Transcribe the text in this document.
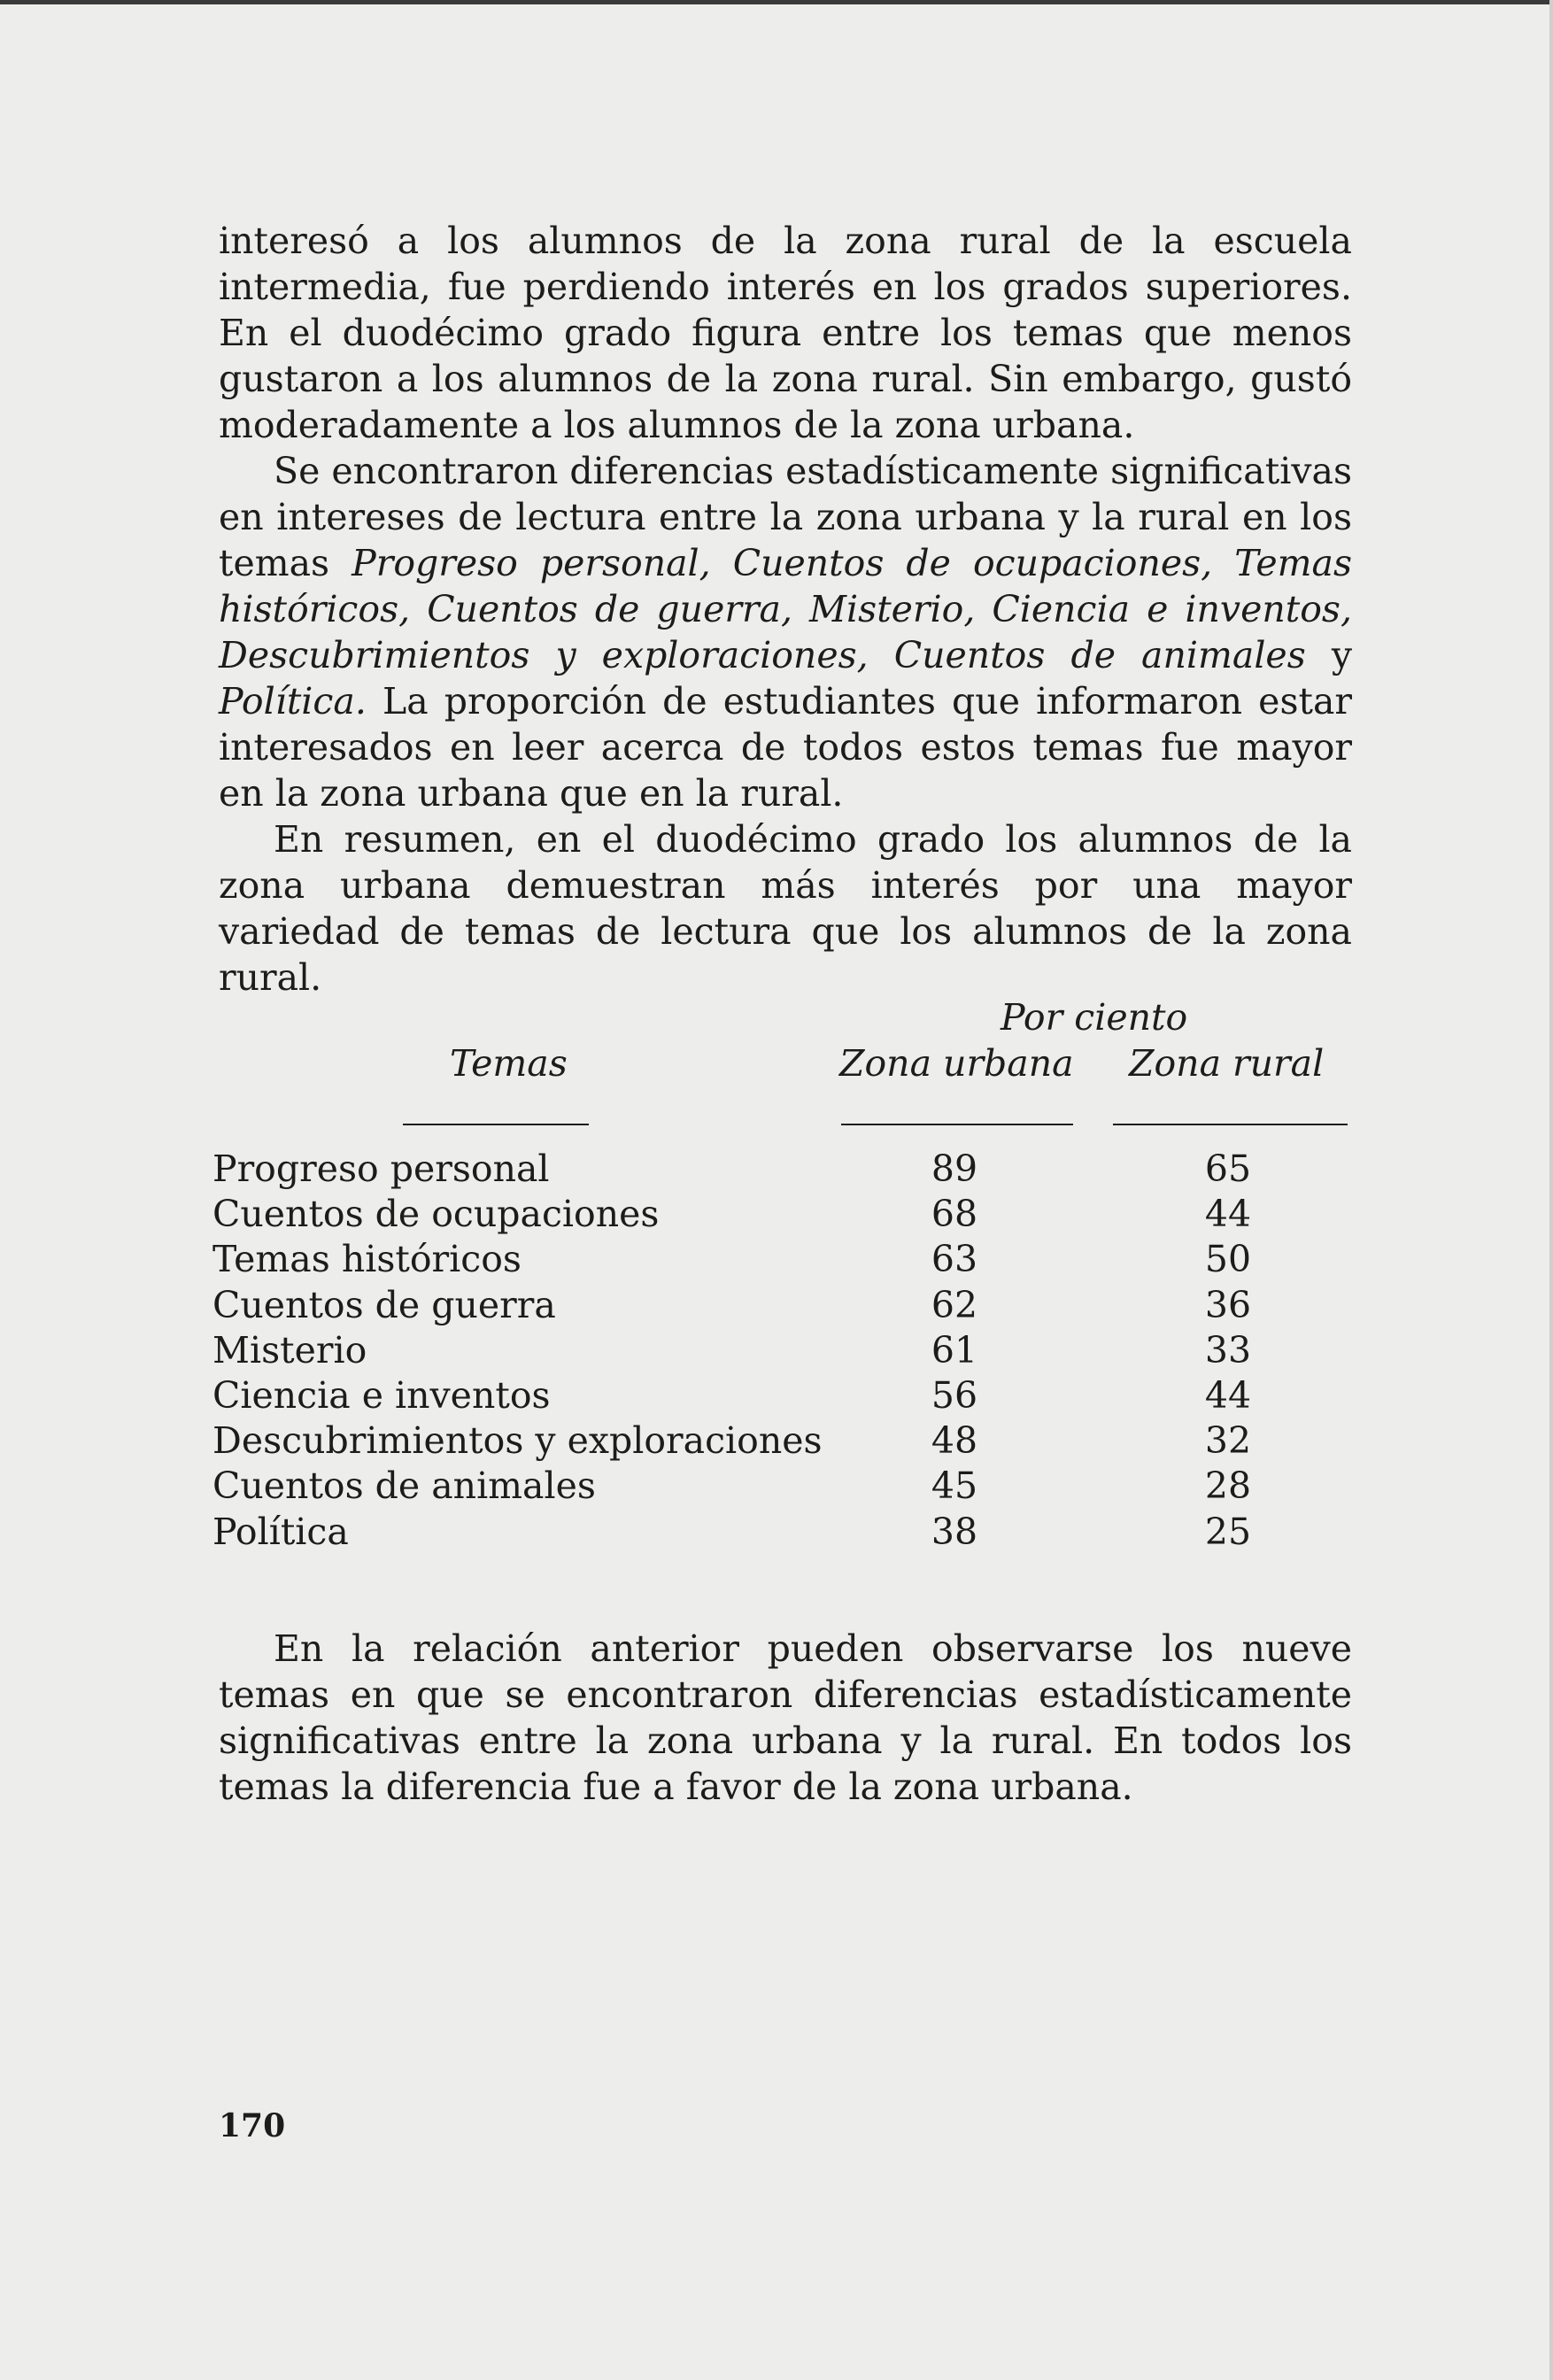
interesó a los alumnos de la zona rural de la escuela intermedia, fue perdiendo interés en los grados superiores. En el duodécimo grado figura entre los temas que menos gustaron a los alumnos de la zona rural. Sin embargo, gustó moderadamente a los alumnos de la zona urbana.

Se encontraron diferencias estadísticamente significativas en intereses de lectura entre la zona urbana y la rural en los temas Progreso personal, Cuentos de ocupaciones, Temas históricos, Cuentos de guerra, Misterio, Ciencia e inventos, Descubrimientos y exploraciones, Cuentos de animales y Política. La proporción de estudiantes que informaron estar interesados en leer acerca de todos estos temas fue mayor en la zona urbana que en la rural.

En resumen, en el duodécimo grado los alumnos de la zona urbana demuestran más interés por una mayor variedad de temas de lectura que los alumnos de la zona rural.

Por ciento
Temas	Zona urbana Zona rural
Progreso personal	89	65
Cuentos de ocupaciones	68	44
Temas históricos	63	50
Cuentos de guerra	62	36
Misterio	61	33
Ciencia e inventos	56	44
Descubrimientos y exploraciones	48	32
Cuentos de animales	45	28
Política	38	25

En la relación anterior pueden observarse los nueve temas en que se encontraron diferencias estadísticamente significativas entre la zona urbana y la rural. En todos los temas la diferencia fue a favor de la zona urbana.

170
